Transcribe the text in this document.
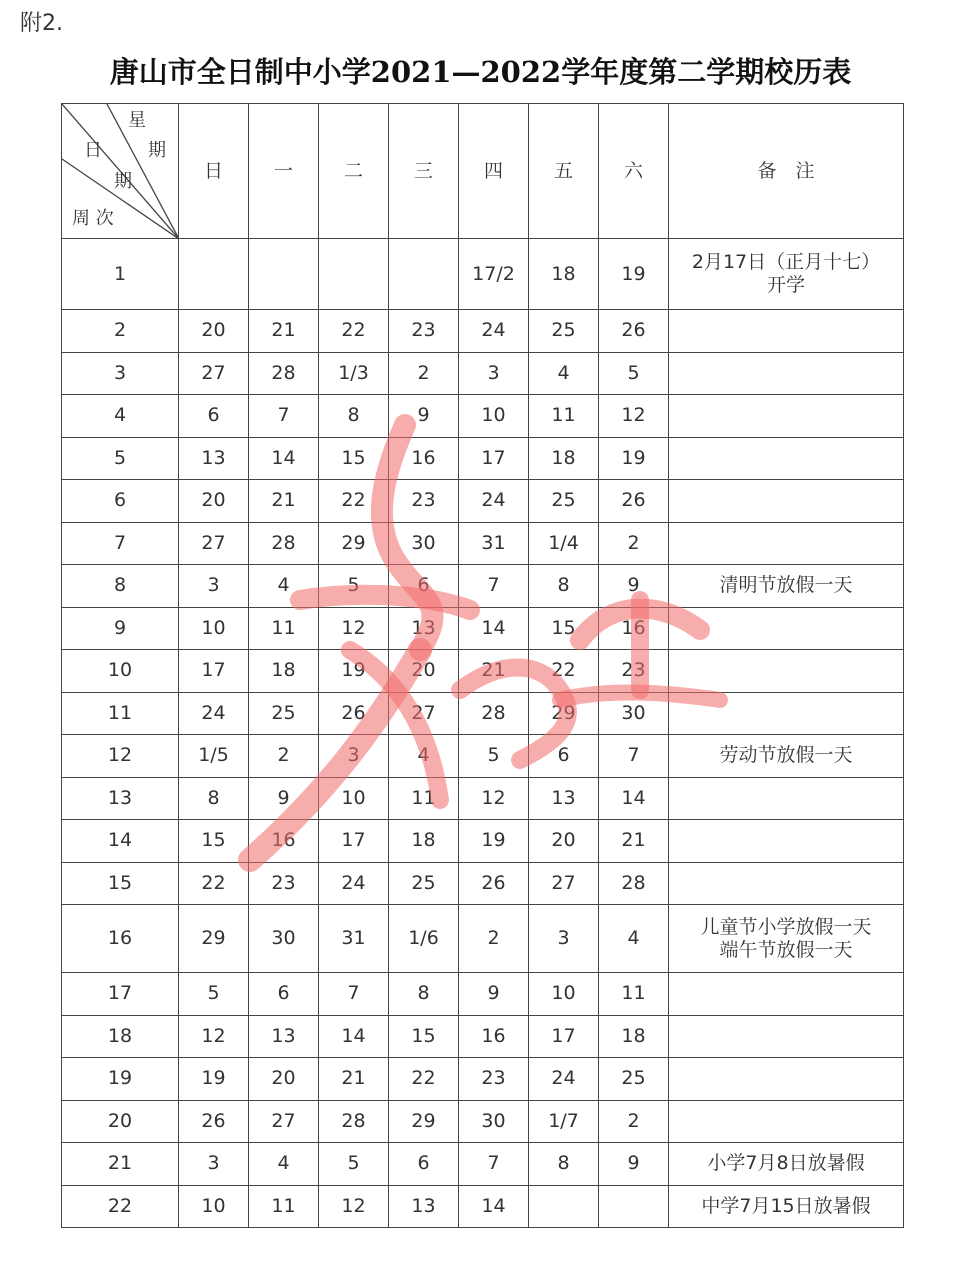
附2.
唐山市全日制中小学2021—2022学年度第二学期校历表
星
日 期
期
周 次	日	一	二	三	四	五	六	备　注
1					17/2	18	19	2月17日（正月十七）
开学

2	20	21	22	23	24	25	26	
3	27	28	1/3	2	3	4	5	
4	6	7	8	9	10	11	12	
5	13	14	15	16	17	18	19	
6	20	21	22	23	24	25	26	
7	27	28	29	30	31	1/4	2	
8	3	4	5	6	7	8	9	清明节放假一天

9	10	11	12	13	14	15	16	
10	17	18	19	20	21	22	23	
11	24	25	26	27	28	29	30	
12	1/5	2	3	4	5	6	7	劳动节放假一天

13	8	9	10	11	12	13	14	
14	15	16	17	18	19	20	21	
15	22	23	24	25	26	27	28	
16	29	30	31	1/6	2	3	4	儿童节小学放假一天
端午节放假一天

17	5	6	7	8	9	10	11	
18	12	13	14	15	16	17	18	
19	19	20	21	22	23	24	25	
20	26	27	28	29	30	1/7	2	
21	3	4	5	6	7	8	9	小学7月8日放暑假

22	10	11	12	13	14			中学7月15日放暑假
